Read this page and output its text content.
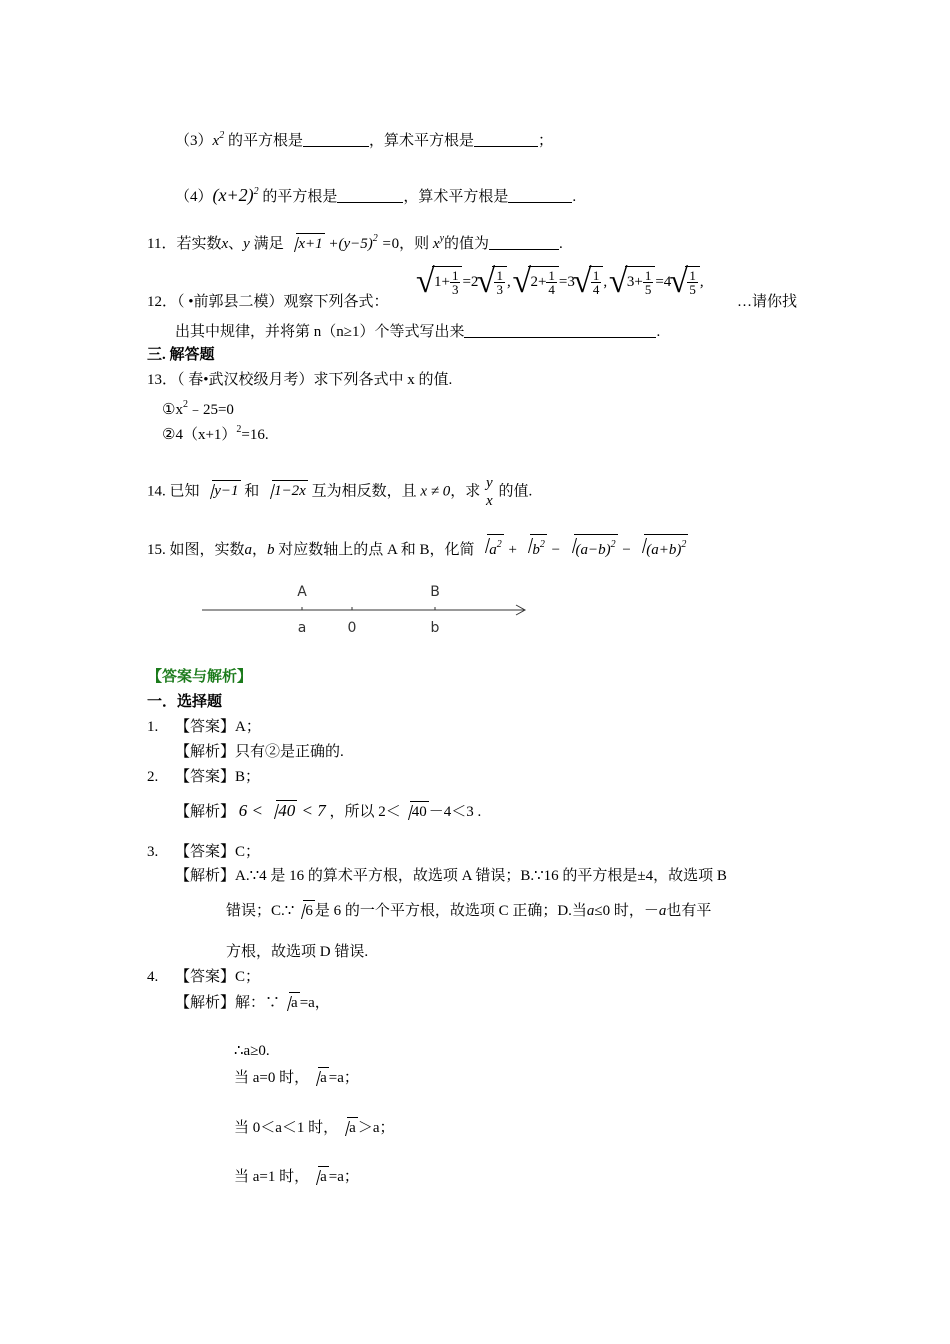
$(3)x^2$ 的平方根是	，算术平方根是	；
$(4)(x+2)^2$ 的平方根是	，算术平方根是	.
11．若实数x、y 满足 $x+1 +(y-5)^2 =0$，则 $x^y$的值为	.
12．（ •前郭县二模）观察下列各式：
√ $1+ \frac{1}{3} =2$ √ $\frac{1}{3}$ , √ $2+ \frac{1}{4} =3$ √ $\frac{1}{4}$ , √ $3+ \frac{1}{5} =4$ √ $\frac{1}{5}$ ,
…请你找
出其中规律，并将第 n（n≥1）个等式写出来	.
三. 解答题
13．（ 春•武汉校级月考）求下列各式中 x 的值.
$①x^2﹣25=0$
$②4(x+1)^2=16$.
14. 已知 y−1 和 1−2x 互为相反数，且 x ≠ 0，求
y
x
的值.
15. 如图，实数a，b 对应数轴上的点 A 和 B，化简 $a^2 + b^2 - (a-b)^2 - (a+b)^2$
A	B
a	0	b
【答案与解析】
一．选择题
1. 【答案】A；
【解析】只有②是正确的.
2. 【答案】B；
【解析】 6 < 40 < 7 ，所以 2＜ 40 －4＜3 .
3. 【答案】C；
【解析】A.∵4 是 16 的算术平方根，故选项 A 错误；B.∵16 的平方根是±4，故选项 B
错误；C.∵ 6 是 6 的一个平方根，故选项 C 正确；D.当a≤0 时，－a也有平
方根，故选项 D 错误.
4. 【答案】C；
【解析】解：∵ a =a，
∴a≥0.
当 a=0 时， a =a；
当 0＜a＜1 时， a ＞a；
当 a=1 时， a =a；
